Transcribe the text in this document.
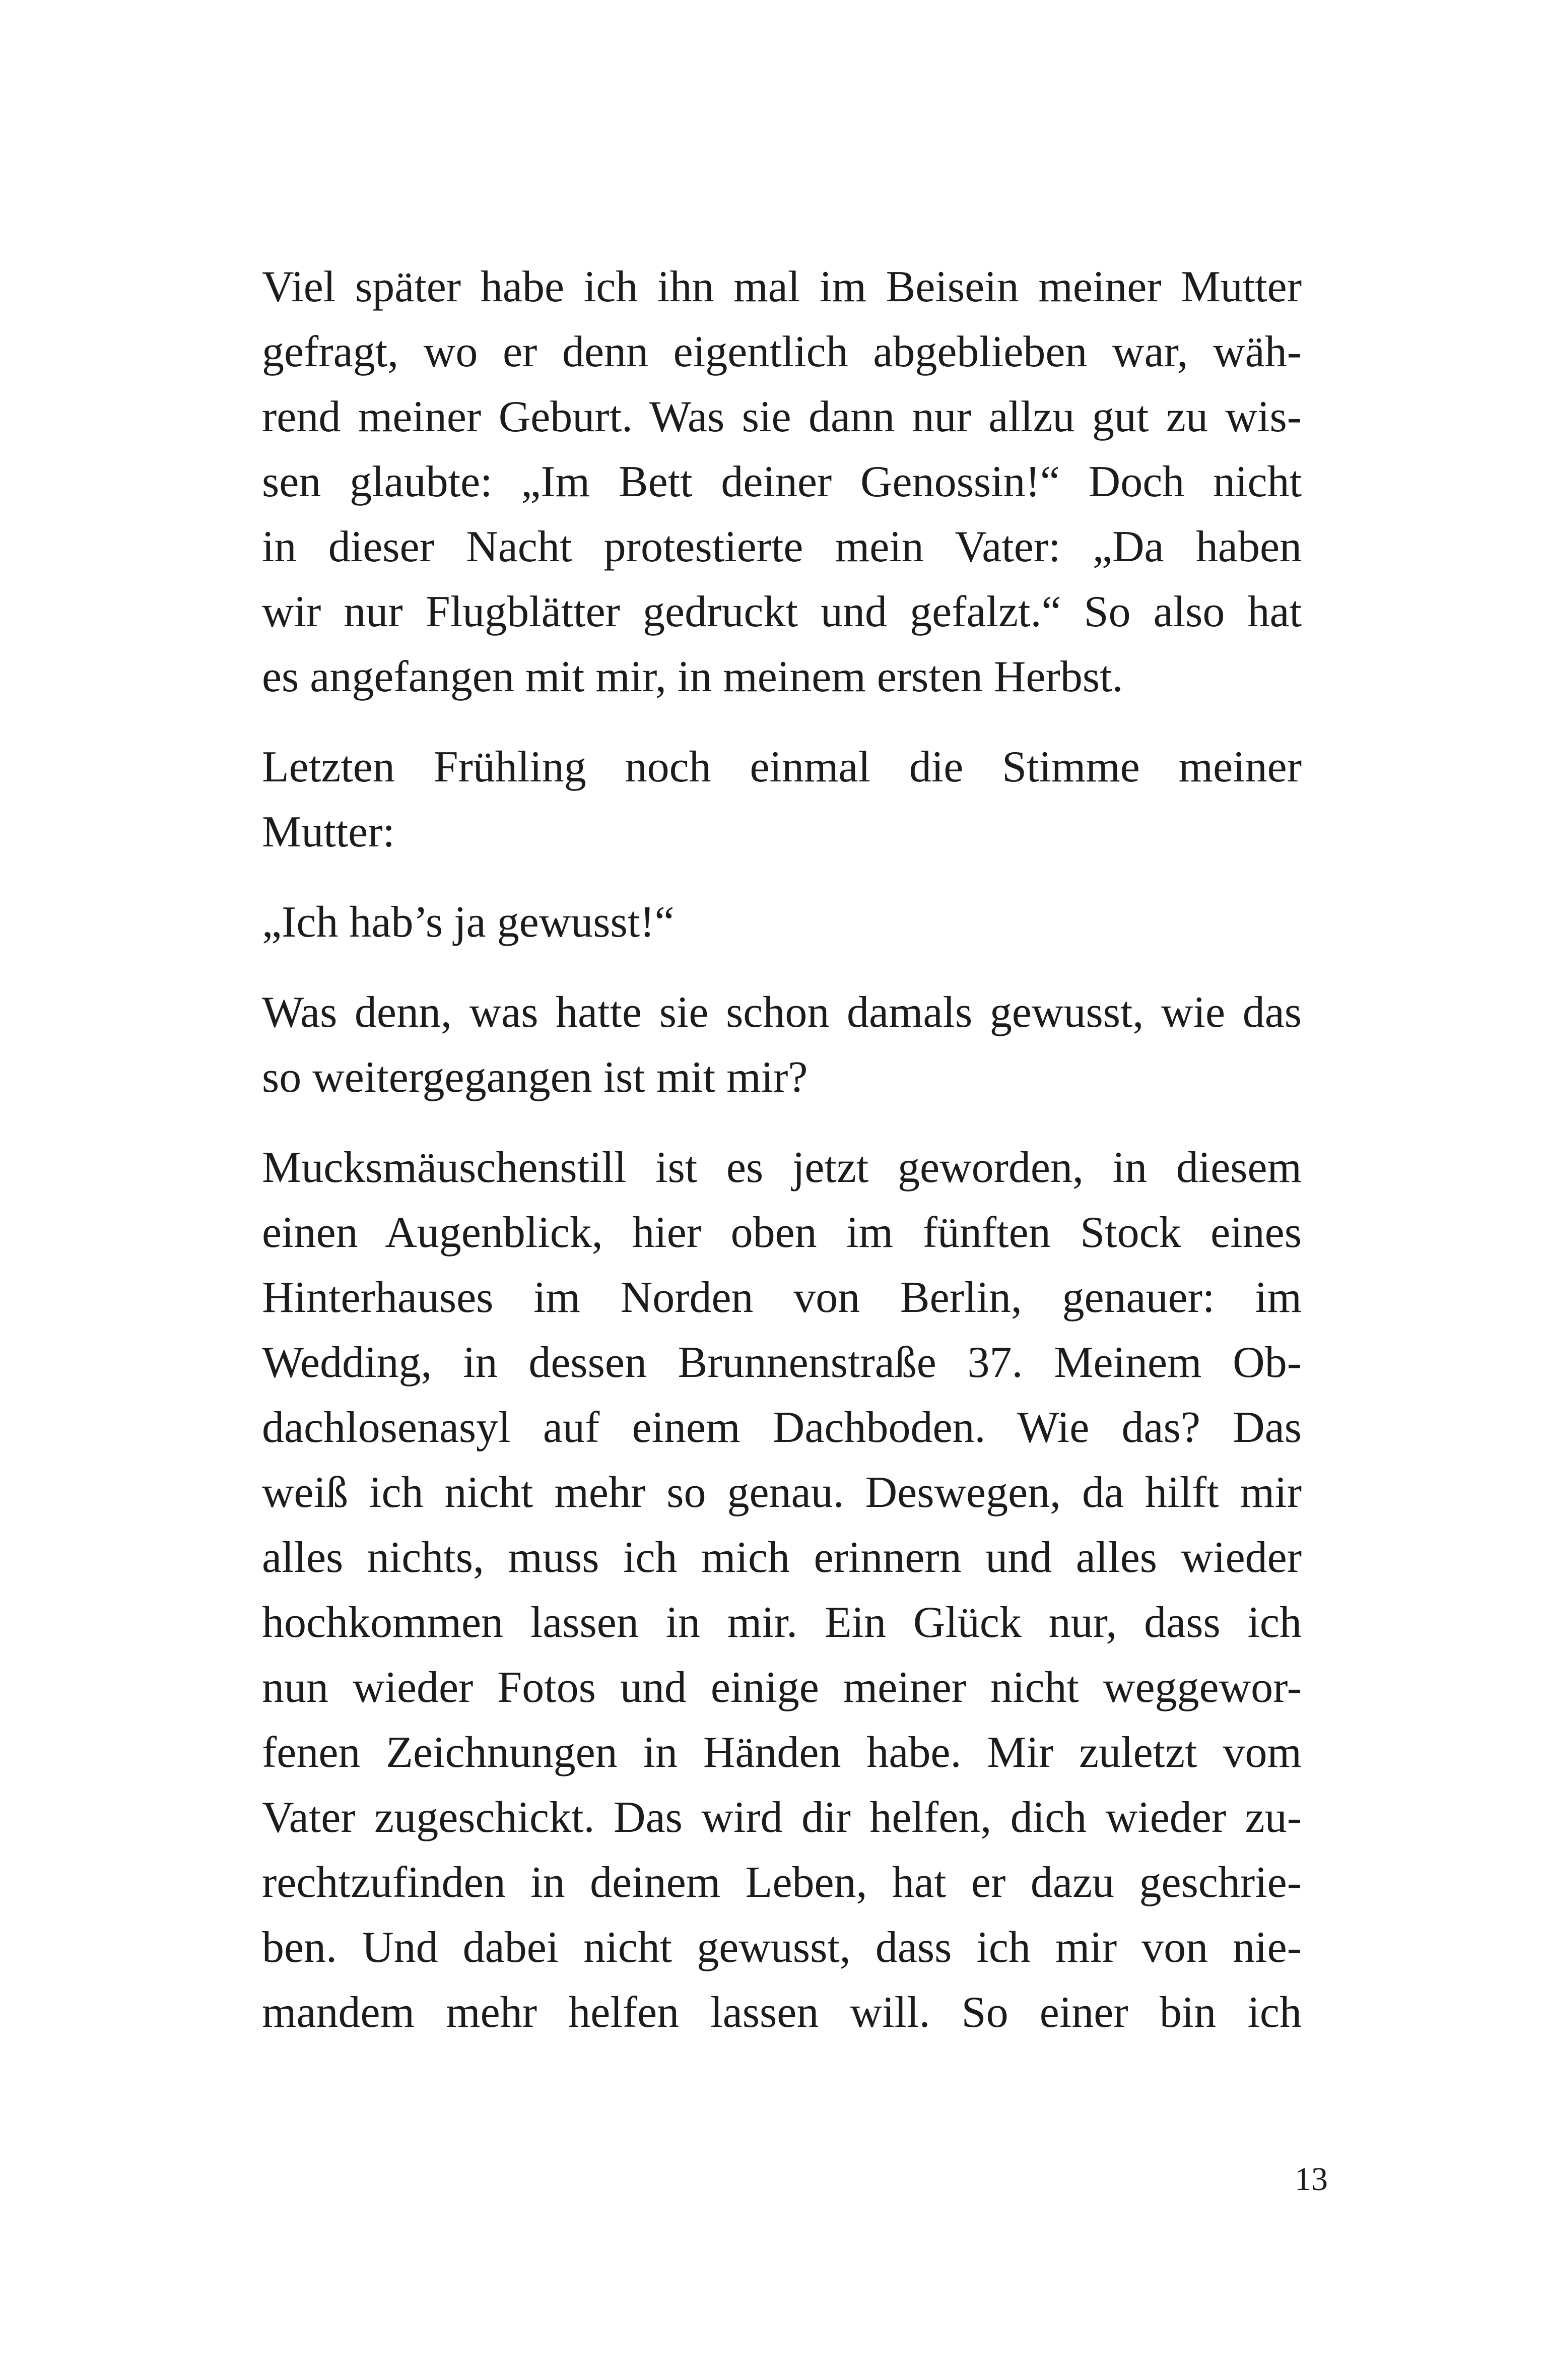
Viel später habe ich ihn mal im Beisein meiner Mutter
gefragt, wo er denn eigentlich abgeblieben war, wäh-
rend meiner Geburt. Was sie dann nur allzu gut zu wis-
sen glaubte: „Im Bett deiner Genossin!“ Doch nicht
in dieser Nacht protestierte mein Vater: „Da haben
wir nur Flugblätter gedruckt und gefalzt.“ So also hat
es angefangen mit mir, in meinem ersten Herbst.
Letzten Frühling noch einmal die Stimme meiner
Mutter:
„Ich hab’s ja gewusst!“
Was denn, was hatte sie schon damals gewusst, wie das
so weitergegangen ist mit mir?
Mucksmäuschenstill ist es jetzt geworden, in diesem
einen Augenblick, hier oben im fünften Stock eines
Hinterhauses im Norden von Berlin, genauer: im
Wedding, in dessen Brunnenstraße 37. Meinem Ob-
dachlosenasyl auf einem Dachboden. Wie das? Das
weiß ich nicht mehr so genau. Deswegen, da hilft mir
alles nichts, muss ich mich erinnern und alles wieder
hochkommen lassen in mir. Ein Glück nur, dass ich
nun wieder Fotos und einige meiner nicht weggewor-
fenen Zeichnungen in Händen habe. Mir zuletzt vom
Vater zugeschickt. Das wird dir helfen, dich wieder zu-
rechtzufinden in deinem Leben, hat er dazu geschrie-
ben. Und dabei nicht gewusst, dass ich mir von nie-
mandem mehr helfen lassen will. So einer bin ich
13
